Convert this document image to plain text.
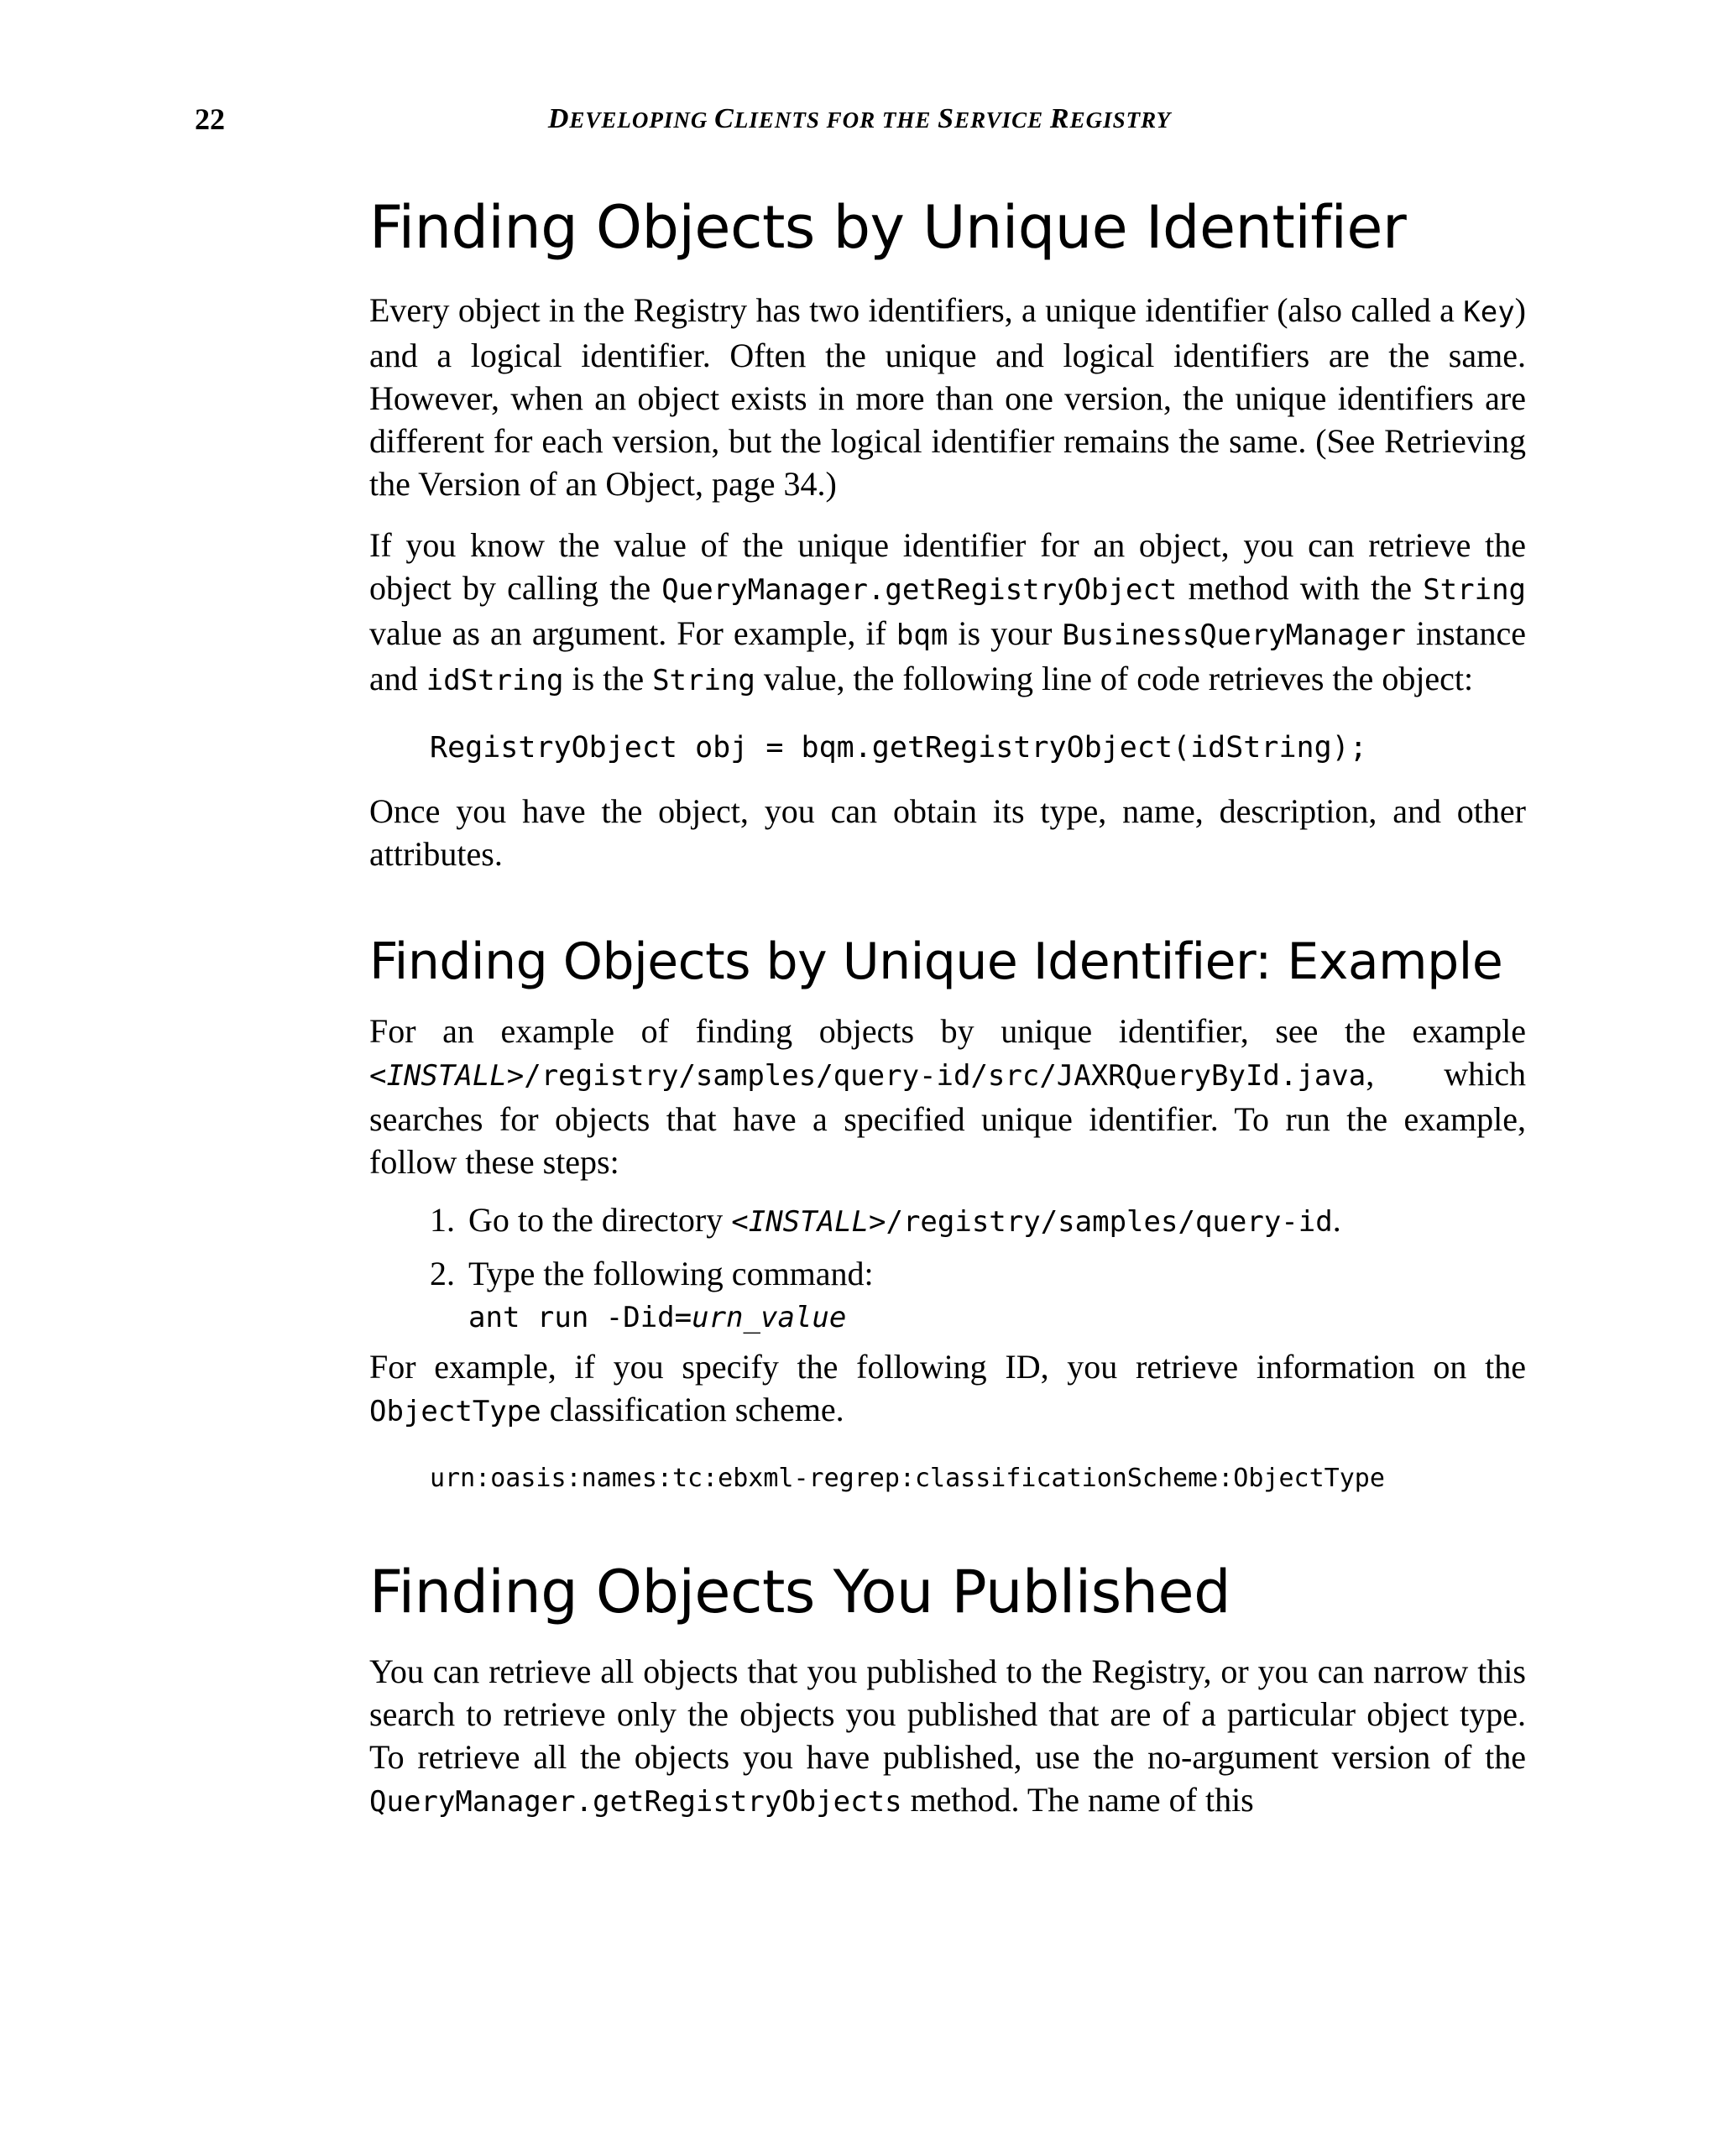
22	DEVELOPING CLIENTS FOR THE SERVICE REGISTRY
Finding Objects by Unique Identifier

Every object in the Registry has two identifiers, a unique identifier (also called a Key) and a logical identifier. Often the unique and logical identifiers are the same. However, when an object exists in more than one version, the unique identifiers are different for each version, but the logical identifier remains the same. (See Retrieving the Version of an Object, page 34.)

If you know the value of the unique identifier for an object, you can retrieve the object by calling the QueryManager.getRegistryObject method with the String value as an argument. For example, if bqm is your BusinessQueryManager instance and idString is the String value, the following line of code retrieves the object:

RegistryObject obj = bqm.getRegistryObject(idString);

Once you have the object, you can obtain its type, name, description, and other attributes.

Finding Objects by Unique Identifier: Example

For an example of finding objects by unique identifier, see the example <INSTALL>/registry/samples/query-id/src/JAXRQueryById.java, which searches for objects that have a specified unique identifier. To run the example, follow these steps:

1. Go to the directory <INSTALL>/registry/samples/query-id.
2. Type the following command:
ant run -Did=urn_value

For example, if you specify the following ID, you retrieve information on the ObjectType classification scheme.

urn:oasis:names:tc:ebxml-regrep:classificationScheme:ObjectType
Finding Objects You Published

You can retrieve all objects that you published to the Registry, or you can narrow this search to retrieve only the objects you published that are of a particular object type. To retrieve all the objects you have published, use the no-argument version of the QueryManager.getRegistryObjects method. The name of this
